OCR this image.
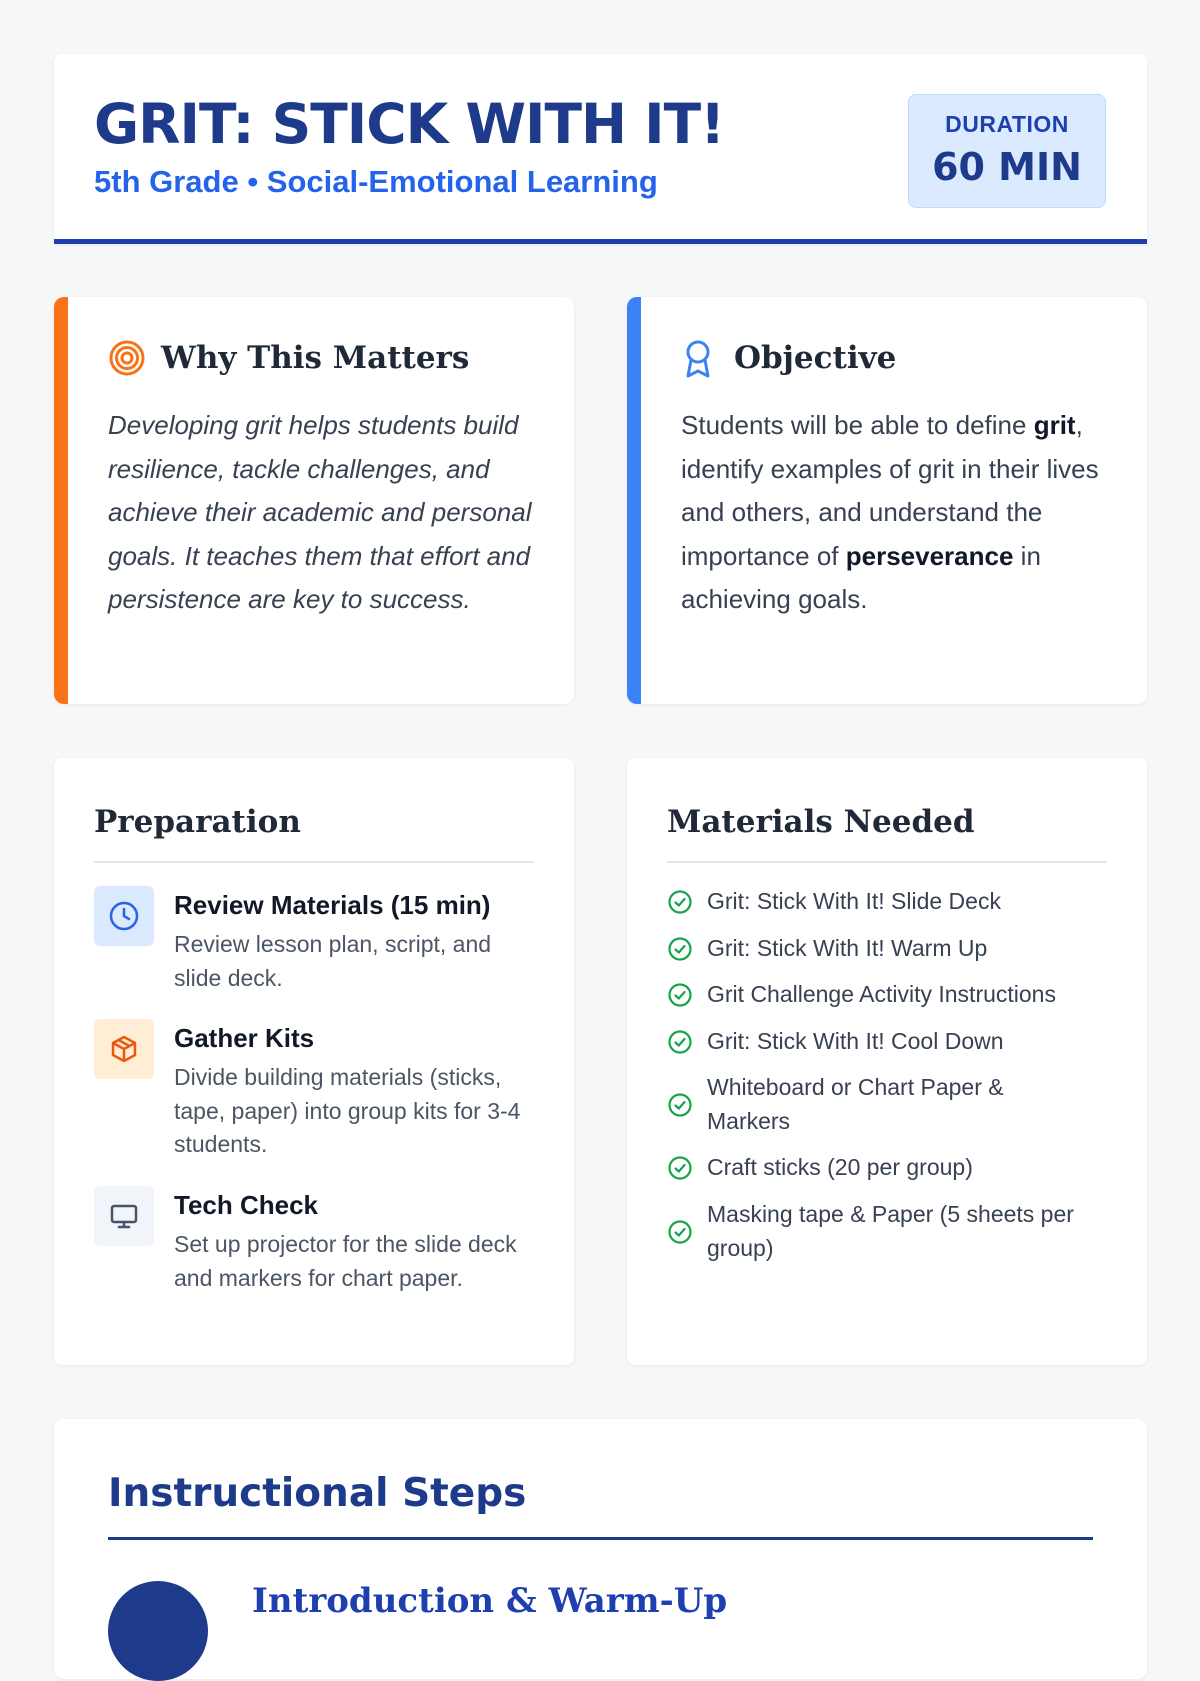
GRIT: STICK WITH IT!
5th Grade • Social-Emotional Learning
DURATION
60 MIN
Why This Matters
Developing grit helps students build resilience, tackle challenges, and achieve their academic and personal goals. It teaches them that effort and persistence are key to success.
Objective
Students will be able to define grit, identify examples of grit in their lives and others, and understand the importance of perseverance in achieving goals.
Preparation
Review Materials (15 min)
Review lesson plan, script, and slide deck.
Gather Kits
Divide building materials (sticks, tape, paper) into group kits for 3-4 students.
Tech Check
Set up projector for the slide deck and markers for chart paper.
Materials Needed
Grit: Stick With It! Slide Deck
Grit: Stick With It! Warm Up
Grit Challenge Activity Instructions
Grit: Stick With It! Cool Down
Whiteboard or Chart Paper & Markers
Craft sticks (20 per group)
Masking tape & Paper (5 sheets per group)
Instructional Steps
Introduction & Warm-Up
